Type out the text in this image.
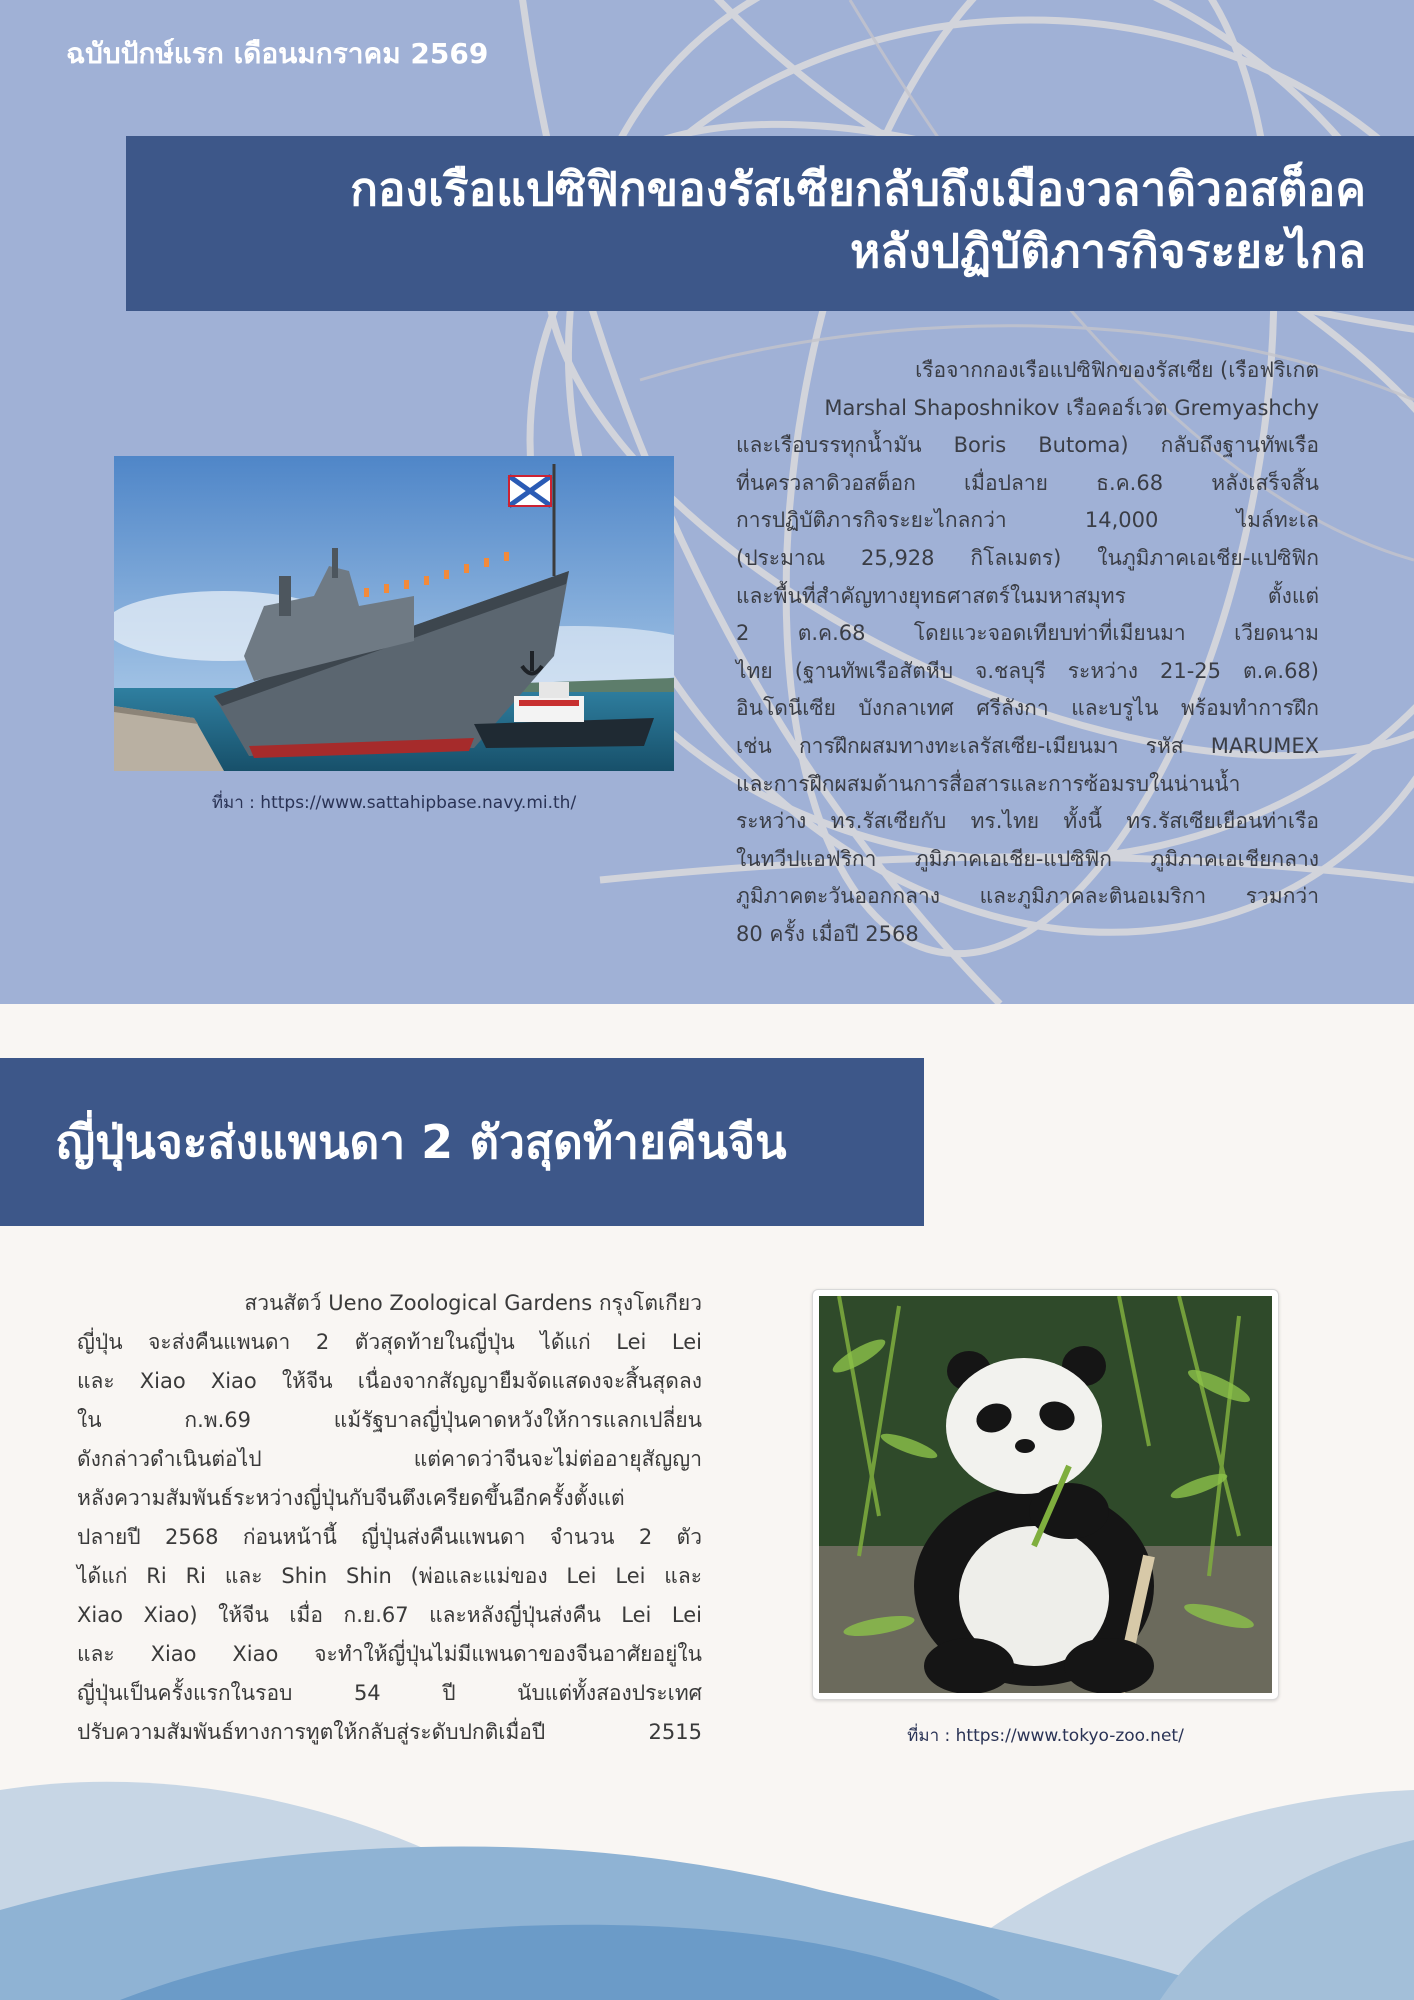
ฉบับปักษ์แรก เดือนมกราคม 2569
กองเรือแปซิฟิกของรัสเซียกลับถึงเมืองวลาดิวอสต็อค
หลังปฏิบัติภารกิจระยะไกล
ที่มา : https://www.sattahipbase.navy.mi.th/
เรือจากกองเรือแปซิฟิกของรัสเซีย (เรือฟริเกต
Marshal Shaposhnikov เรือคอร์เวต Gremyashchy
และเรือบรรทุกน้ำมัน Boris Butoma) กลับถึงฐานทัพเรือ
ที่นครวลาดิวอสต็อก เมื่อปลาย ธ.ค.68 หลังเสร็จสิ้น
การปฏิบัติภารกิจระยะไกลกว่า 14,000 ไมล์ทะเล
(ประมาณ 25,928 กิโลเมตร) ในภูมิภาคเอเชีย-แปซิฟิก
และพื้นที่สำคัญทางยุทธศาสตร์ในมหาสมุทร ตั้งแต่
2 ต.ค.68 โดยแวะจอดเทียบท่าที่เมียนมา เวียดนาม
ไทย (ฐานทัพเรือสัตหีบ จ.ชลบุรี ระหว่าง 21-25 ต.ค.68)
อินโดนีเซีย บังกลาเทศ ศรีลังกา และบรูไน พร้อมทำการฝึก
เช่น การฝึกผสมทางทะเลรัสเซีย-เมียนมา รหัส MARUMEX
และการฝึกผสมด้านการสื่อสารและการซ้อมรบในน่านน้ำ
ระหว่าง ทร.รัสเซียกับ ทร.ไทย ทั้งนี้ ทร.รัสเซียเยือนท่าเรือ
ในทวีปแอฟริกา ภูมิภาคเอเชีย-แปซิฟิก ภูมิภาคเอเชียกลาง
ภูมิภาคตะวันออกกลาง และภูมิภาคละตินอเมริกา รวมกว่า
80 ครั้ง เมื่อปี 2568
ญี่ปุ่นจะส่งแพนดา 2 ตัวสุดท้ายคืนจีน
สวนสัตว์ Ueno Zoological Gardens กรุงโตเกียว
ญี่ปุ่น จะส่งคืนแพนดา 2 ตัวสุดท้ายในญี่ปุ่น ได้แก่ Lei Lei
และ Xiao Xiao ให้จีน เนื่องจากสัญญายืมจัดแสดงจะสิ้นสุดลง
ใน ก.พ.69 แม้รัฐบาลญี่ปุ่นคาดหวังให้การแลกเปลี่ยน
ดังกล่าวดำเนินต่อไป แต่คาดว่าจีนจะไม่ต่ออายุสัญญา
หลังความสัมพันธ์ระหว่างญี่ปุ่นกับจีนตึงเครียดขึ้นอีกครั้งตั้งแต่
ปลายปี 2568 ก่อนหน้านี้ ญี่ปุ่นส่งคืนแพนดา จำนวน 2 ตัว
ได้แก่ Ri Ri และ Shin Shin (พ่อและแม่ของ Lei Lei และ
Xiao Xiao) ให้จีน เมื่อ ก.ย.67 และหลังญี่ปุ่นส่งคืน Lei Lei
และ Xiao Xiao จะทำให้ญี่ปุ่นไม่มีแพนดาของจีนอาศัยอยู่ใน
ญี่ปุ่นเป็นครั้งแรกในรอบ 54 ปี นับแต่ทั้งสองประเทศ
ปรับความสัมพันธ์ทางการทูตให้กลับสู่ระดับปกติเมื่อปี 2515	ที่มา : https://www.tokyo-zoo.net/
